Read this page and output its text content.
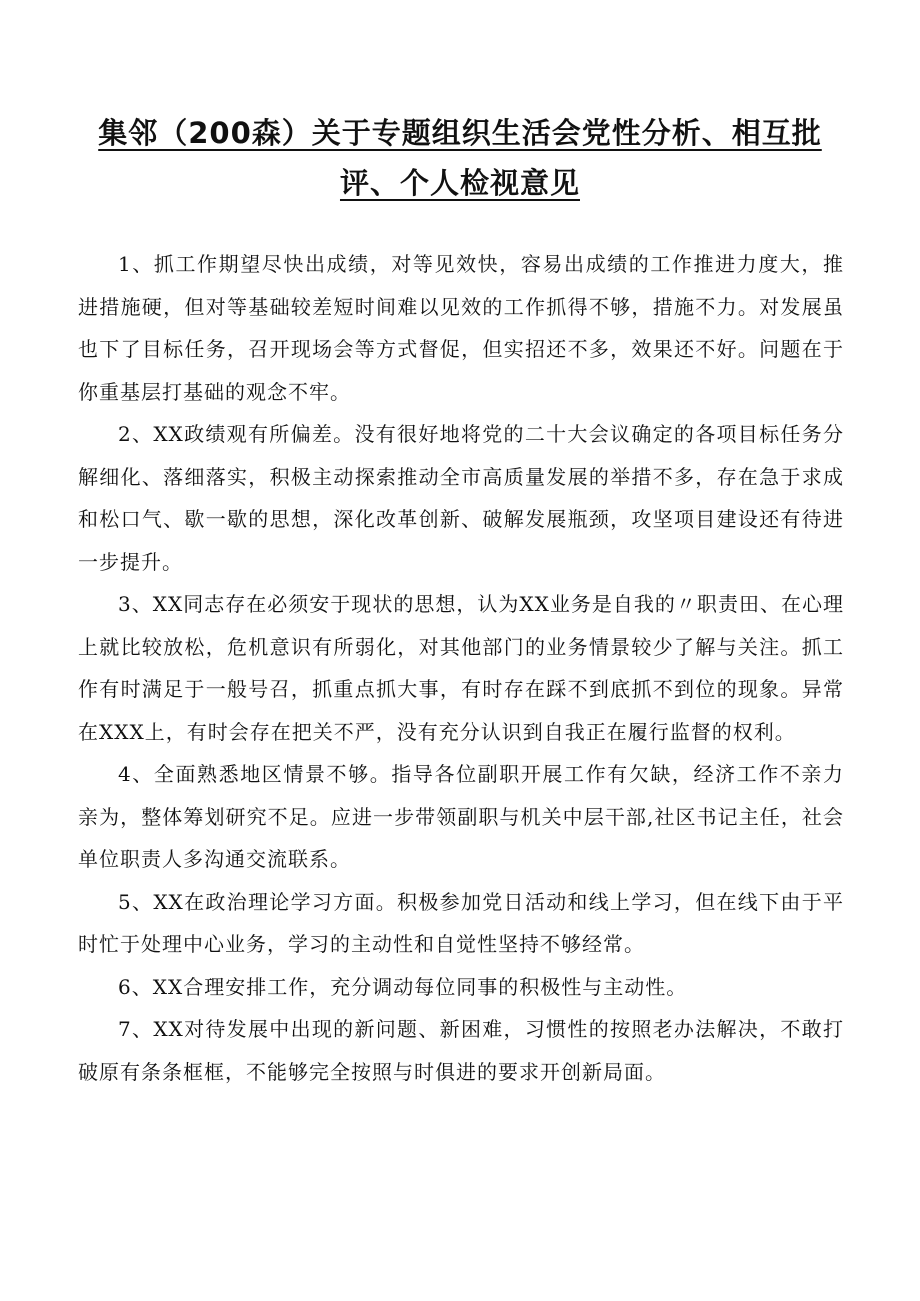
集邻（200森）关于专题组织生活会党性分析、相互批评、个人检视意见

1、抓工作期望尽快出成绩，对等见效快，容易出成绩的工作推进力度大，推进措施硬，但对等基础较差短时间难以见效的工作抓得不够，措施不力。对发展虽也下了目标任务，召开现场会等方式督促，但实招还不多，效果还不好。问题在于你重基层打基础的观念不牢。

2、XX政绩观有所偏差。没有很好地将党的二十大会议确定的各项目标任务分解细化、落细落实，积极主动探索推动全市高质量发展的举措不多，存在急于求成和松口气、歇一歇的思想，深化改革创新、破解发展瓶颈，攻坚项目建设还有待进一步提升。

3、XX同志存在必须安于现状的思想，认为XX业务是自我的〃职责田、在心理上就比较放松，危机意识有所弱化，对其他部门的业务情景较少了解与关注。抓工作有时满足于一般号召，抓重点抓大事，有时存在踩不到底抓不到位的现象。异常在XXX上，有时会存在把关不严，没有充分认识到自我正在履行监督的权利。

4、全面熟悉地区情景不够。指导各位副职开展工作有欠缺，经济工作不亲力亲为，整体筹划研究不足。应进一步带领副职与机关中层干部,社区书记主任，社会单位职责人多沟通交流联系。

5、XX在政治理论学习方面。积极参加党日活动和线上学习，但在线下由于平时忙于处理中心业务，学习的主动性和自觉性坚持不够经常。

6、XX合理安排工作，充分调动每位同事的积极性与主动性。

7、XX对待发展中出现的新问题、新困难，习惯性的按照老办法解决，不敢打破原有条条框框，不能够完全按照与时俱进的要求开创新局面。
